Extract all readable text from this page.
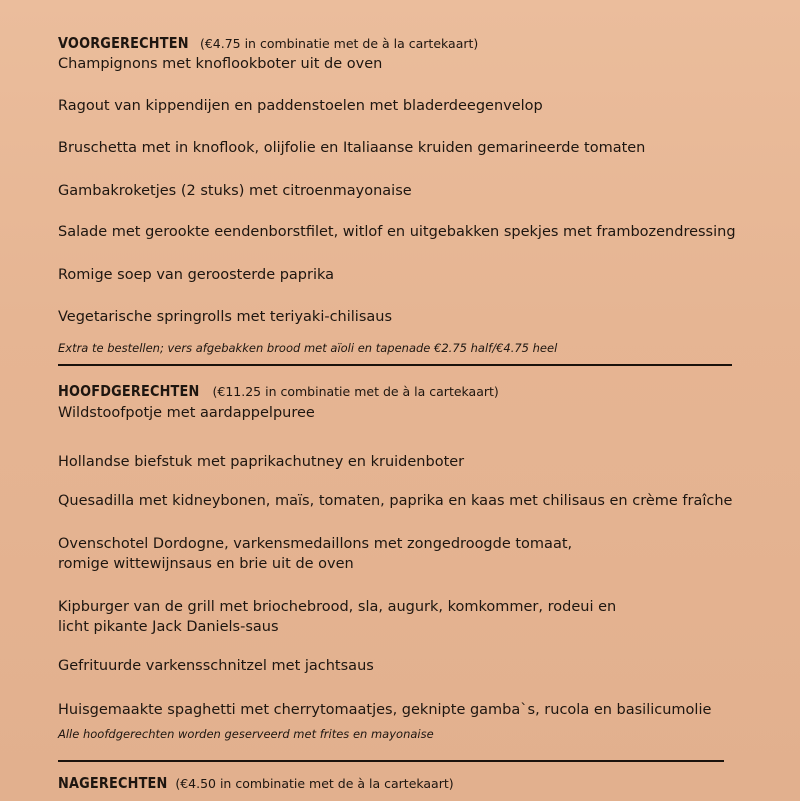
VOORGERECHTEN (€4.75 in combinatie met de à la cartekaart)
Champignons met knoflookboter uit de oven
Ragout van kippendijen en paddenstoelen met bladerdeegenvelop
Bruschetta met in knoflook, olijfolie en Italiaanse kruiden gemarineerde tomaten
Gambakroketjes (2 stuks) met citroenmayonaise
Salade met gerookte eendenborstfilet, witlof en uitgebakken spekjes met frambozendressing
Romige soep van geroosterde paprika
Vegetarische springrolls met teriyaki-chilisaus
Extra te bestellen; vers afgebakken brood met aïoli en tapenade €2.75 half/€4.75 heel
HOOFDGERECHTEN (€11.25 in combinatie met de à la cartekaart)
Wildstoofpotje met aardappelpuree
Hollandse biefstuk met paprikachutney en kruidenboter
Quesadilla met kidneybonen, maïs, tomaten, paprika en kaas met chilisaus en crème fraîche
Ovenschotel Dordogne, varkensmedaillons met zongedroogde tomaat,
romige wittewijnsaus en brie uit de oven
Kipburger van de grill met briochebrood, sla, augurk, komkommer, rodeui en
licht pikante Jack Daniels-saus
Gefrituurde varkensschnitzel met jachtsaus
Huisgemaakte spaghetti met cherrytomaatjes, geknipte gamba`s, rucola en basilicumolie
Alle hoofdgerechten worden geserveerd met frites en mayonaise
NAGERECHTEN (€4.50 in combinatie met de à la cartekaart)
